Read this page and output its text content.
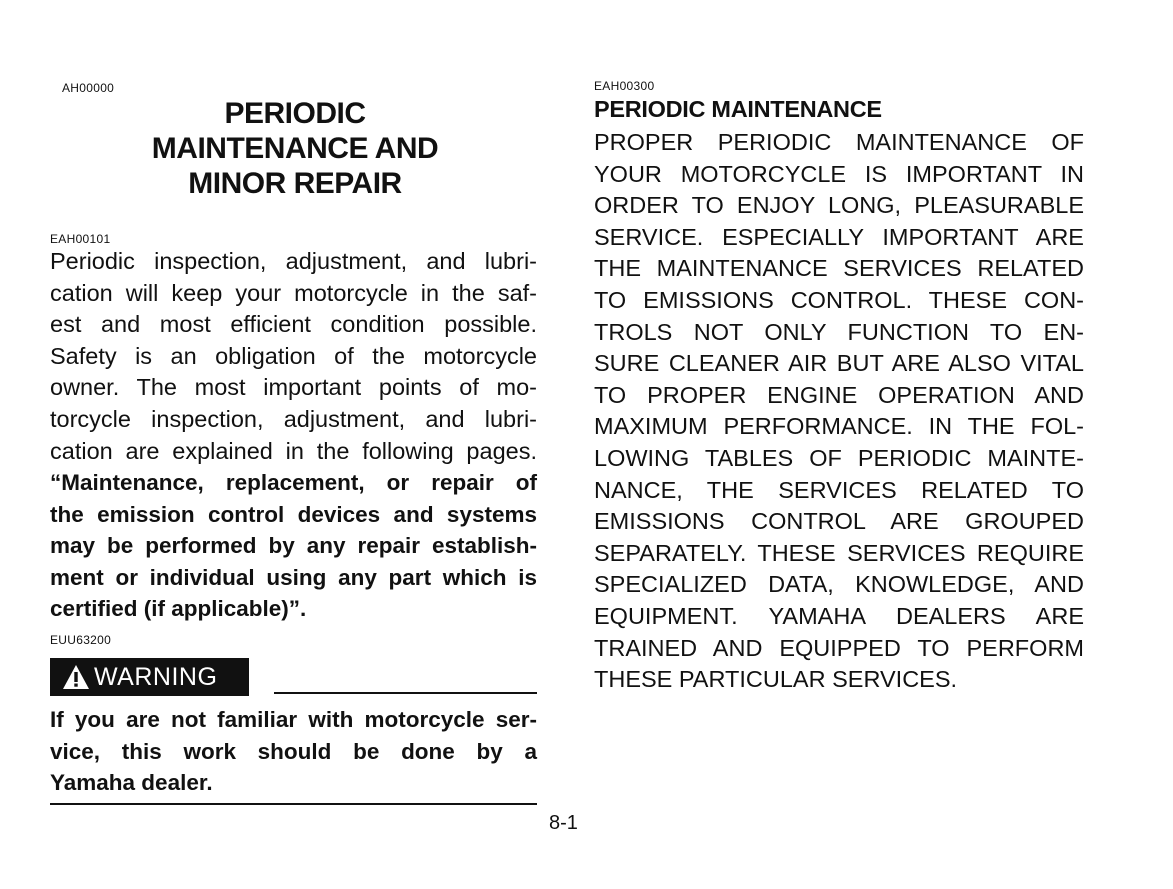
AH00000
PERIODIC
MAINTENANCE AND
MINOR REPAIR
EAH00101
Periodic inspection, adjustment, and lubri-
cation will keep your motorcycle in the saf-
est and most efficient condition possible.
Safety is an obligation of the motorcycle
owner. The most important points of mo-
torcycle inspection, adjustment, and lubri-
cation are explained in the following pages.
“Maintenance, replacement, or repair of
the emission control devices and systems
may be performed by any repair establish-
ment or individual using any part which is
certified (if applicable)”.
EUU63200
WARNING
If you are not familiar with motorcycle ser-
vice, this work should be done by a
Yamaha dealer.
8-1
EAH00300
PERIODIC MAINTENANCE
PROPER PERIODIC MAINTENANCE OF
YOUR MOTORCYCLE IS IMPORTANT IN
ORDER TO ENJOY LONG, PLEASURABLE
SERVICE. ESPECIALLY IMPORTANT ARE
THE MAINTENANCE SERVICES RELATED
TO EMISSIONS CONTROL. THESE CON-
TROLS NOT ONLY FUNCTION TO EN-
SURE CLEANER AIR BUT ARE ALSO VITAL
TO PROPER ENGINE OPERATION AND
MAXIMUM PERFORMANCE. IN THE FOL-
LOWING TABLES OF PERIODIC MAINTE-
NANCE, THE SERVICES RELATED TO
EMISSIONS CONTROL ARE GROUPED
SEPARATELY. THESE SERVICES REQUIRE
SPECIALIZED DATA, KNOWLEDGE, AND
EQUIPMENT. YAMAHA DEALERS ARE
TRAINED AND EQUIPPED TO PERFORM
THESE PARTICULAR SERVICES.
